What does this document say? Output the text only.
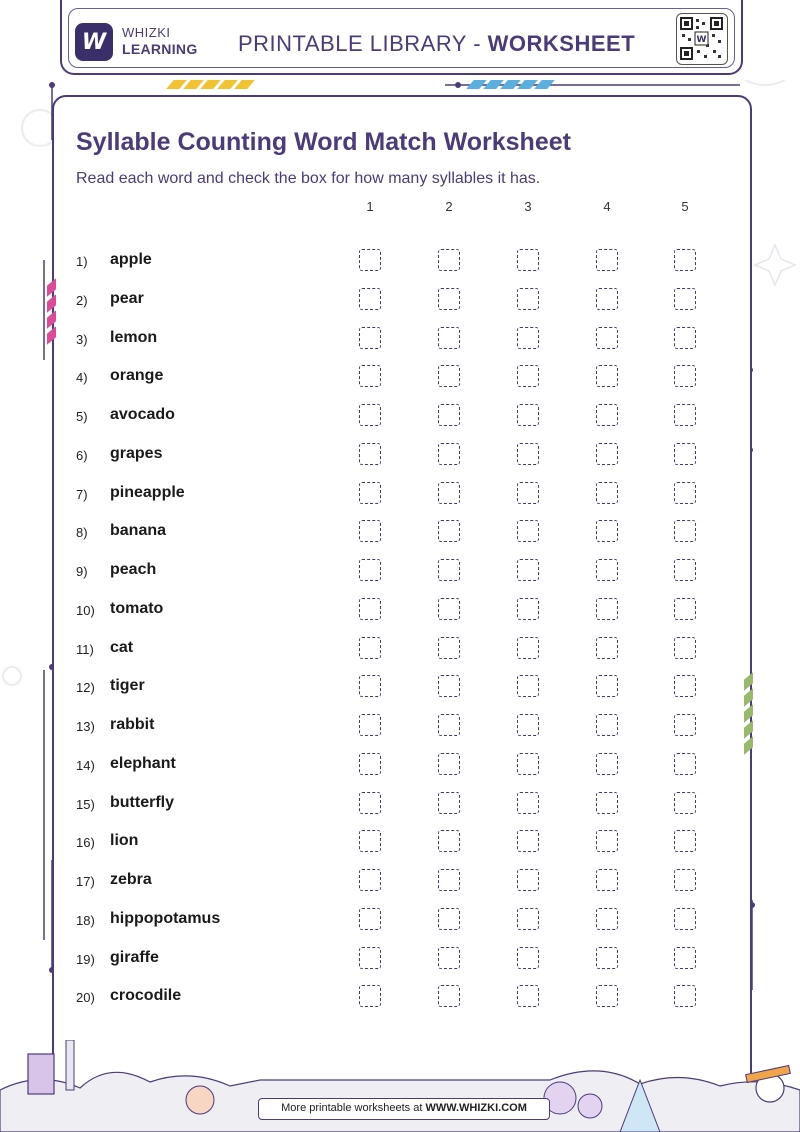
W WHIZKI
LEARNING PRINTABLE LIBRARY - WORKSHEET	W
Syllable Counting Word Match Worksheet
Read each word and check the box for how many syllables it has.
1	2	3	4	5
1) apple
2) pear
3) lemon
4) orange
5) avocado
6) grapes
7) pineapple
8) banana
9) peach
10) tomato
11) cat
12) tiger
13) rabbit
14) elephant
15) butterfly
16) lion
17) zebra
18) hippopotamus
19) giraffe
20) crocodile
More printable worksheets at WWW.WHIZKI.COM
